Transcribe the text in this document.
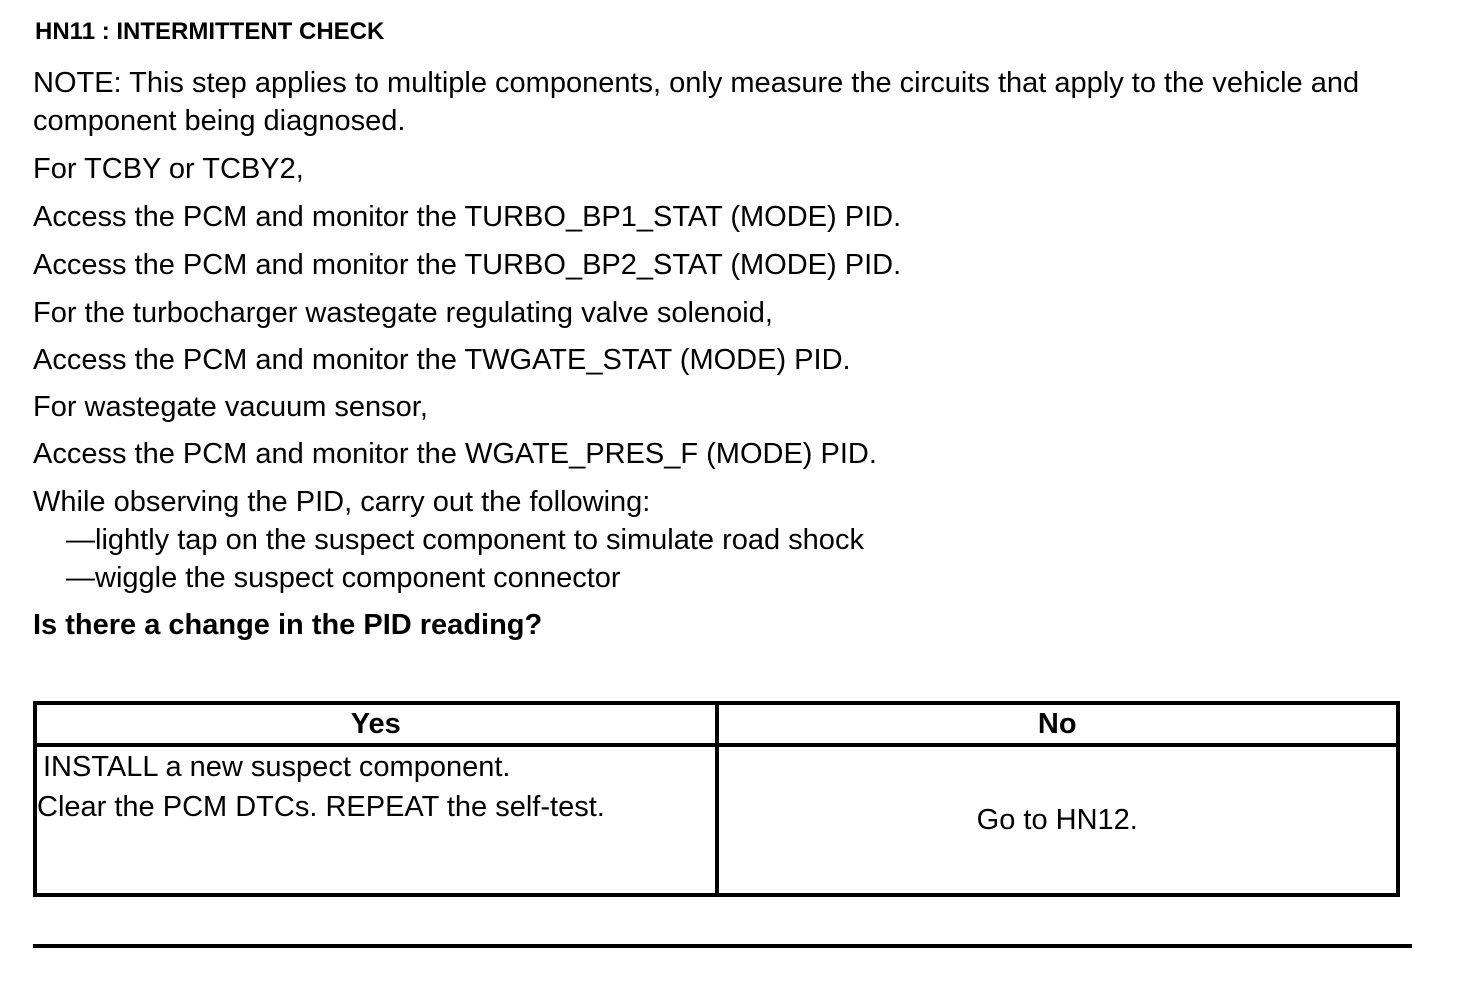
HN11 : INTERMITTENT CHECK
NOTE: This step applies to multiple components, only measure the circuits that apply to the vehicle and component being diagnosed.
For TCBY or TCBY2,
Access the PCM and monitor the TURBO_BP1_STAT (MODE) PID.
Access the PCM and monitor the TURBO_BP2_STAT (MODE) PID.
For the turbocharger wastegate regulating valve solenoid,
Access the PCM and monitor the TWGATE_STAT (MODE) PID.
For wastegate vacuum sensor,
Access the PCM and monitor the WGATE_PRES_F (MODE) PID.
While observing the PID, carry out the following:
—lightly tap on the suspect component to simulate road shock
—wiggle the suspect component connector
Is there a change in the PID reading?
Yes	No

INSTALL a new suspect component.
Clear the PCM DTCs. REPEAT the self-test.	Go to HN12.
